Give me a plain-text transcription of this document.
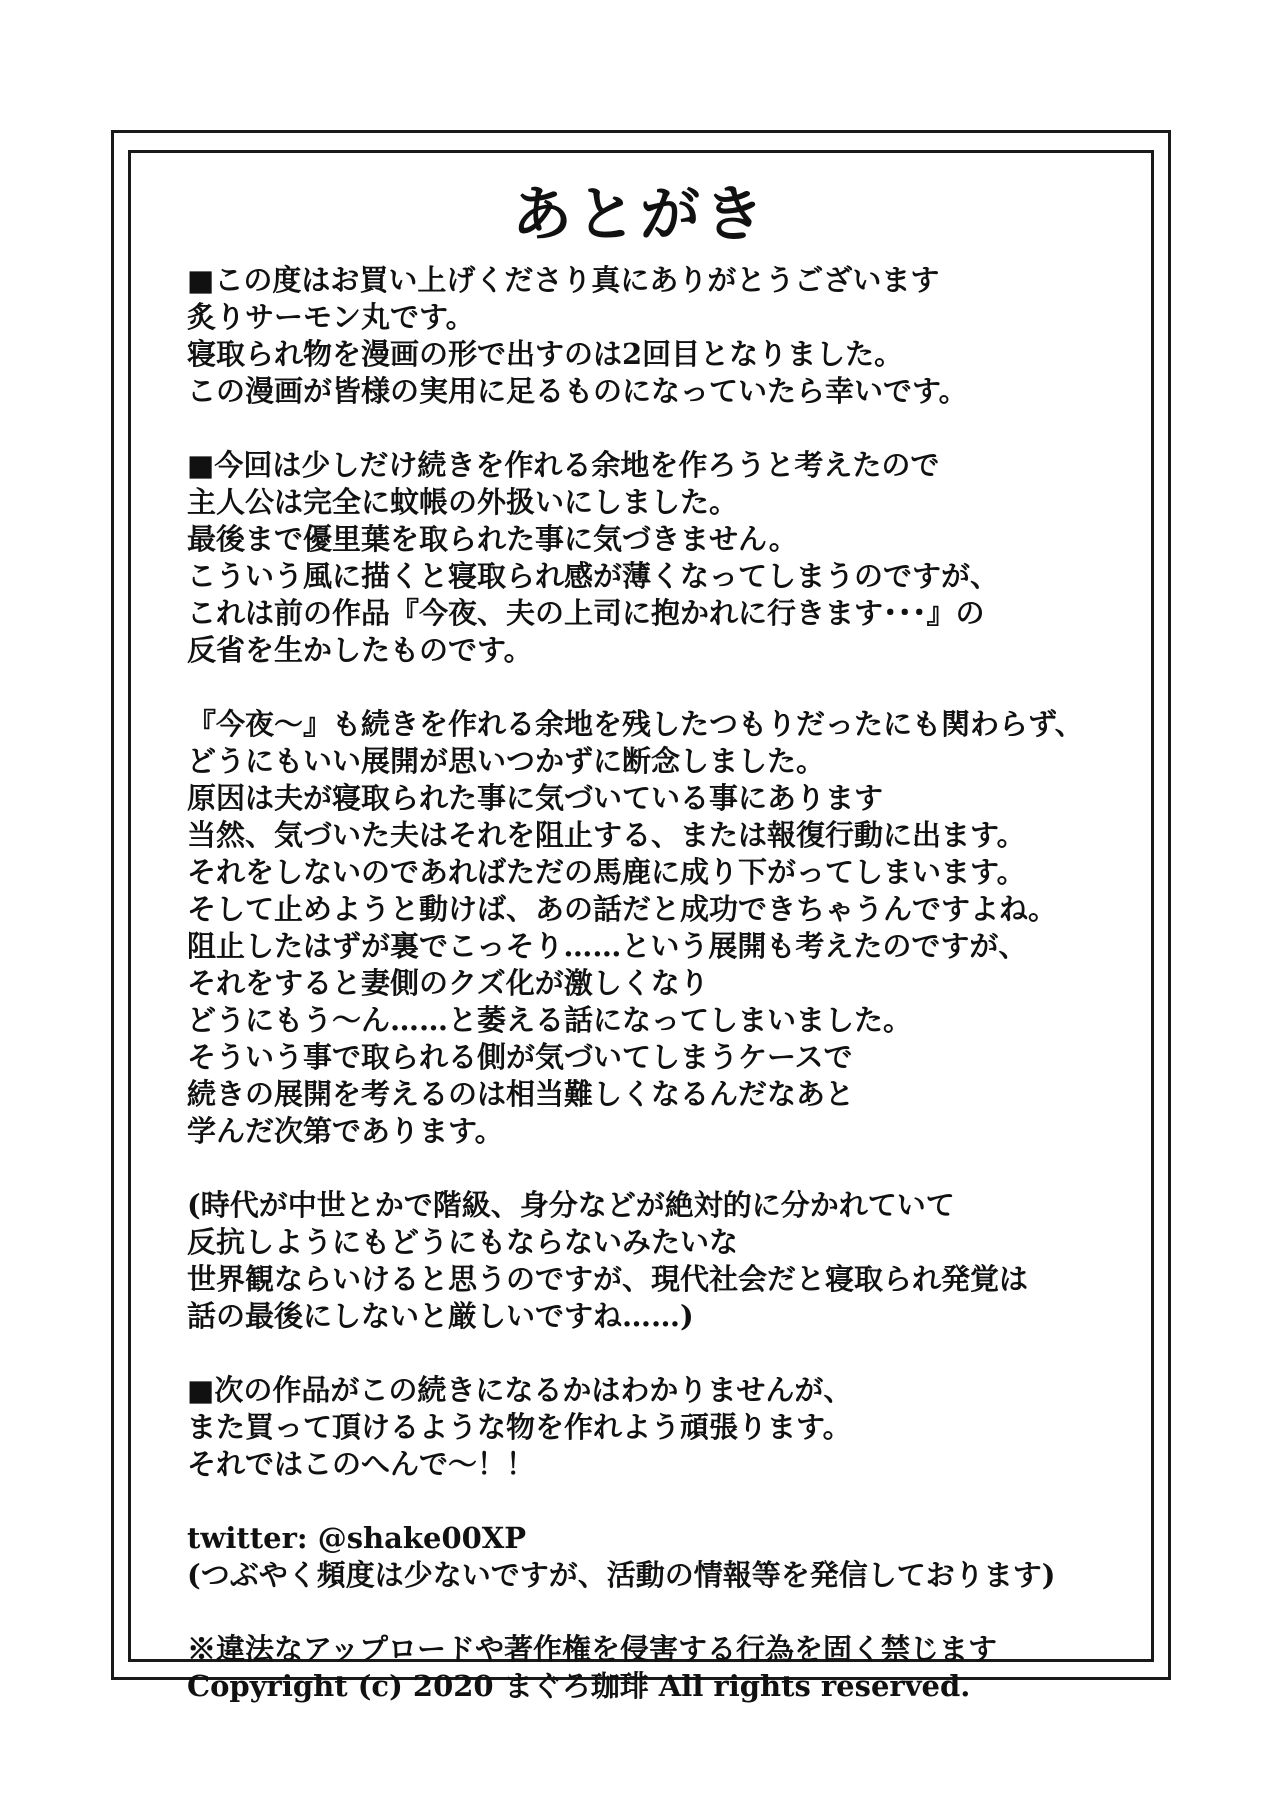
あとがき
■この度はお買い上げくださり真にありがとうございます
炙りサーモン丸です。
寝取られ物を漫画の形で出すのは2回目となりました。
この漫画が皆様の実用に足るものになっていたら幸いです。
■今回は少しだけ続きを作れる余地を作ろうと考えたので
主人公は完全に蚊帳の外扱いにしました。
最後まで優里葉を取られた事に気づきません。
こういう風に描くと寝取られ感が薄くなってしまうのですが、
これは前の作品『今夜、夫の上司に抱かれに行きます･･･』の
反省を生かしたものです。
『今夜～』も続きを作れる余地を残したつもりだったにも関わらず、
どうにもいい展開が思いつかずに断念しました。
原因は夫が寝取られた事に気づいている事にあります
当然、気づいた夫はそれを阻止する、または報復行動に出ます。
それをしないのであればただの馬鹿に成り下がってしまいます。
そして止めようと動けば、あの話だと成功できちゃうんですよね。
阻止したはずが裏でこっそり……という展開も考えたのですが、
それをすると妻側のクズ化が激しくなり
どうにもう～ん……と萎える話になってしまいました。
そういう事で取られる側が気づいてしまうケースで
続きの展開を考えるのは相当難しくなるんだなあと
学んだ次第であります。
(時代が中世とかで階級、身分などが絶対的に分かれていて
反抗しようにもどうにもならないみたいな
世界観ならいけると思うのですが、現代社会だと寝取られ発覚は
話の最後にしないと厳しいですね……)
■次の作品がこの続きになるかはわかりませんが、
また買って頂けるような物を作れよう頑張ります。
それではこのへんで～！！
twitter: @shake00XP
(つぶやく頻度は少ないですが、活動の情報等を発信しております)
※違法なアップロードや著作権を侵害する行為を固く禁じます
Copyright (c) 2020 まぐろ珈琲 All rights reserved.
